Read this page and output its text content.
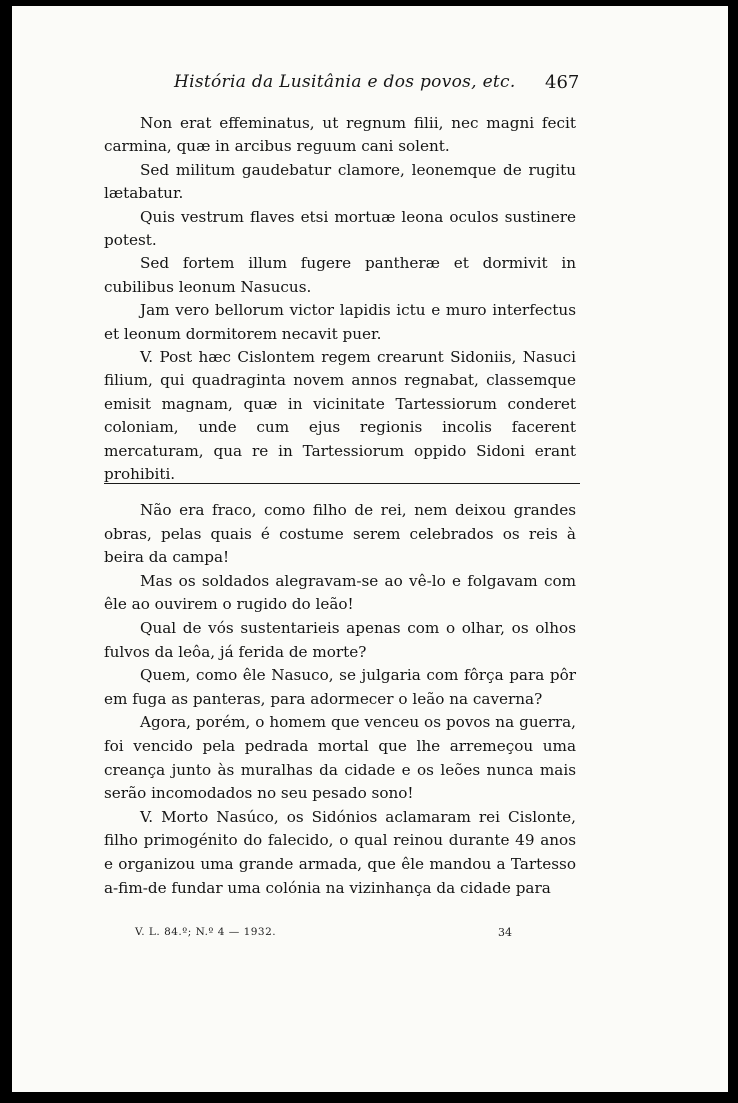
História da Lusitânia e dos povos, etc. 467

Non erat effeminatus, ut regnum filii, nec magni fecit carmina, quæ in arcibus reguum cani solent.

Sed militum gaudebatur clamore, leonemque de rugitu lætabatur.

Quis vestrum flaves etsi mortuæ leona oculos sustinere potest.

Sed fortem illum fugere pantheræ et dormivit in cubilibus leonum Nasucus.

Jam vero bellorum victor lapidis ictu e muro interfectus et leonum dormitorem necavit puer.

V. Post hæc Cislontem regem crearunt Sidoniis, Nasuci filium, qui quadraginta novem annos regnabat, classemque emisit magnam, quæ in vicinitate Tartessiorum conderet coloniam, unde cum ejus regionis incolis facerent mercaturam, qua re in Tartessiorum oppido Sidoni erant prohibiti.

Não era fraco, como filho de rei, nem deixou grandes obras, pelas quais é costume serem celebrados os reis à beira da campa!

Mas os soldados alegravam-se ao vê-lo e folgavam com êle ao ouvirem o rugido do leão!

Qual de vós sustentarieis apenas com o olhar, os olhos fulvos da leôa, já ferida de morte?

Quem, como êle Nasuco, se julgaria com fôrça para pôr em fuga as panteras, para adormecer o leão na caverna?

Agora, porém, o homem que venceu os povos na guerra, foi vencido pela pedrada mortal que lhe arremeçou uma creança junto às muralhas da cidade e os leões nunca mais serão incomodados no seu pesado sono!

V. Morto Nasúco, os Sidónios aclamaram rei Cislonte, filho primogénito do falecido, o qual reinou durante 49 anos e organizou uma grande armada, que êle mandou a Tartesso a-fim-de fundar uma colónia na vizinhança da cidade para

V. L. 84.º; N.º 4 — 1932.	34
